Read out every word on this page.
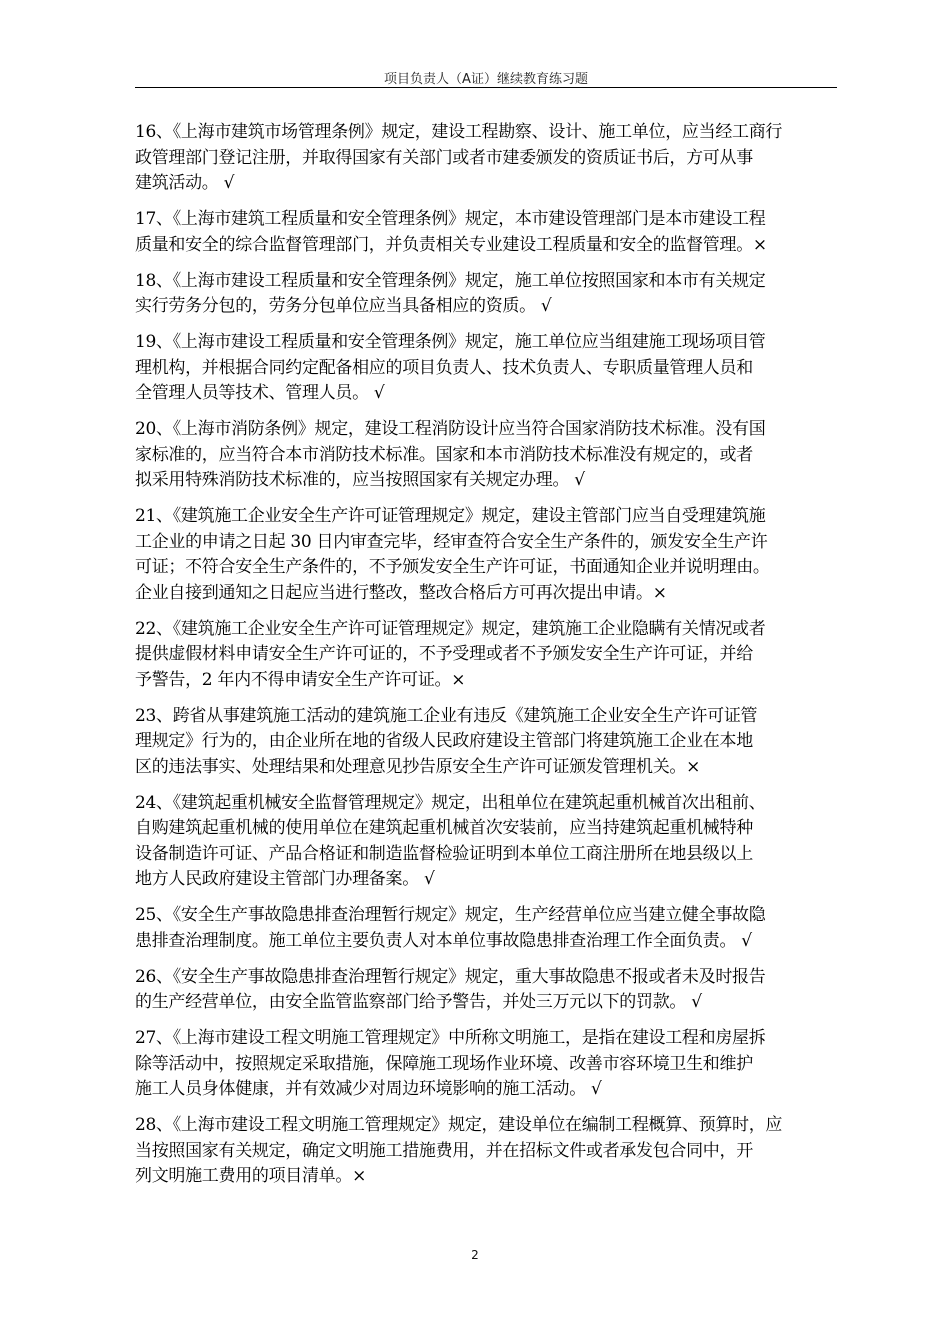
项目负责人（A证）继续教育练习题

16、《上海市建筑市场管理条例》规定，建设工程勘察、设计、施工单位，应当经工商行
政管理部门登记注册，并取得国家有关部门或者市建委颁发的资质证书后，方可从事
建筑活动。 √

17、《上海市建筑工程质量和安全管理条例》规定，本市建设管理部门是本市建设工程
质量和安全的综合监督管理部门，并负责相关专业建设工程质量和安全的监督管理。×

18、《上海市建设工程质量和安全管理条例》规定，施工单位按照国家和本市有关规定
实行劳务分包的，劳务分包单位应当具备相应的资质。 √

19、《上海市建设工程质量和安全管理条例》规定，施工单位应当组建施工现场项目管
理机构，并根据合同约定配备相应的项目负责人、技术负责人、专职质量管理人员和
全管理人员等技术、管理人员。 √

20、《上海市消防条例》规定，建设工程消防设计应当符合国家消防技术标准。没有国
家标准的，应当符合本市消防技术标准。国家和本市消防技术标准没有规定的，或者
拟采用特殊消防技术标准的，应当按照国家有关规定办理。 √

21、《建筑施工企业安全生产许可证管理规定》规定，建设主管部门应当自受理建筑施
工企业的申请之日起 30 日内审查完毕，经审查符合安全生产条件的，颁发安全生产许
可证；不符合安全生产条件的，不予颁发安全生产许可证，书面通知企业并说明理由。
企业自接到通知之日起应当进行整改，整改合格后方可再次提出申请。×

22、《建筑施工企业安全生产许可证管理规定》规定，建筑施工企业隐瞒有关情况或者
提供虚假材料申请安全生产许可证的，不予受理或者不予颁发安全生产许可证，并给
予警告，2 年内不得申请安全生产许可证。×

23、跨省从事建筑施工活动的建筑施工企业有违反《建筑施工企业安全生产许可证管
理规定》行为的，由企业所在地的省级人民政府建设主管部门将建筑施工企业在本地
区的违法事实、处理结果和处理意见抄告原安全生产许可证颁发管理机关。×

24、《建筑起重机械安全监督管理规定》规定，出租单位在建筑起重机械首次出租前、
自购建筑起重机械的使用单位在建筑起重机械首次安装前，应当持建筑起重机械特种
设备制造许可证、产品合格证和制造监督检验证明到本单位工商注册所在地县级以上
地方人民政府建设主管部门办理备案。 √

25、《安全生产事故隐患排查治理暂行规定》规定，生产经营单位应当建立健全事故隐
患排查治理制度。施工单位主要负责人对本单位事故隐患排查治理工作全面负责。 √

26、《安全生产事故隐患排查治理暂行规定》规定，重大事故隐患不报或者未及时报告
的生产经营单位，由安全监管监察部门给予警告，并处三万元以下的罚款。 √

27、《上海市建设工程文明施工管理规定》中所称文明施工，是指在建设工程和房屋拆
除等活动中，按照规定采取措施，保障施工现场作业环境、改善市容环境卫生和维护
施工人员身体健康，并有效减少对周边环境影响的施工活动。 √

28、《上海市建设工程文明施工管理规定》规定，建设单位在编制工程概算、预算时，应
当按照国家有关规定，确定文明施工措施费用，并在招标文件或者承发包合同中，开
列文明施工费用的项目清单。×

2
